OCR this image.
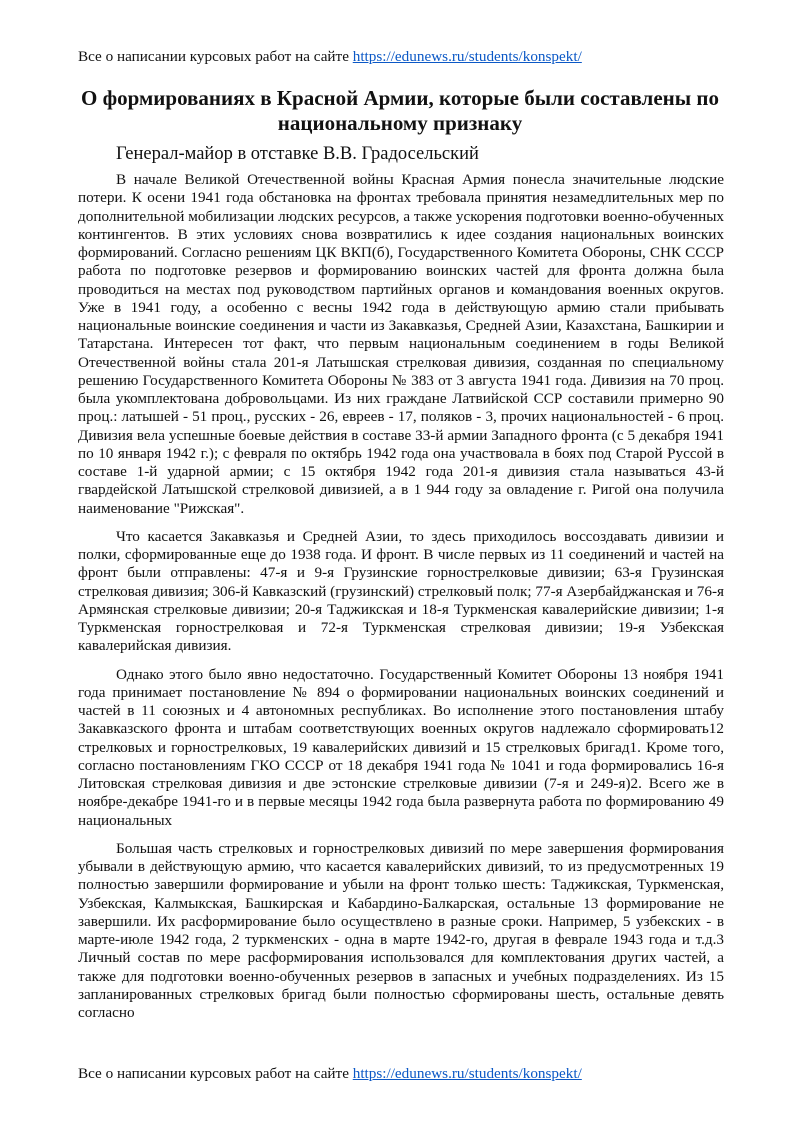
Все о написании курсовых работ на сайте https://edunews.ru/students/konspekt/
О формированиях в Красной Армии, которые были составлены по национальному признаку

Генерал-майор в отставке В.В. Градосельский

В начале Великой Отечественной войны Красная Армия понесла значительные людские потери. К осени 1941 года обстановка на фронтах требовала принятия незамедлительных мер по дополнительной мобилизации людских ресурсов, а также ускорения подготовки военно-обученных контингентов. В этих условиях снова возвратились к идее создания национальных воинских формирований. Согласно решениям ЦК ВКП(б), Государственного Комитета Обороны, СНК СССР работа по подготовке резервов и формированию воинских частей для фронта должна была проводиться на местах под руководством партийных органов и командования военных округов. Уже в 1941 году, а особенно с весны 1942 года в действующую армию стали прибывать национальные воинские соединения и части из Закавказья, Средней Азии, Казахстана, Башкирии и Татарстана. Интересен тот факт, что первым национальным соединением в годы Великой Отечественной войны стала 201-я Латышская стрелковая дивизия, созданная по специальному решению Государственного Комитета Обороны № 383 от 3 августа 1941 года. Дивизия на 70 проц. была укомплектована добровольцами. Из них граждане Латвийской ССР составили примерно 90 проц.: латышей - 51 проц., русских - 26, евреев - 17, поляков - 3, прочих национальностей - 6 проц. Дивизия вела успешные боевые действия в составе 33-й армии Западного фронта (с 5 декабря 1941 по 10 января 1942 г.); с февраля по октябрь 1942 года она участвовала в боях под Старой Руссой в составе 1-й ударной армии; с 15 октября 1942 года 201-я дивизия стала называться 43-й гвардейской Латышской стрелковой дивизией, а в 1 944 году за овладение г. Ригой она получила наименование "Рижская".

Что касается Закавказья и Средней Азии, то здесь приходилось воссоздавать дивизии и полки, сформированные еще до 1938 года. И фронт. В числе первых из 11 соединений и частей на фронт были отправлены: 47-я и 9-я Грузинские горнострелковые дивизии; 63-я Грузинская стрелковая дивизия; 306-й Кавказский (грузинский) стрелковый полк; 77-я Азербайджанская и 76-я Армянская стрелковые дивизии; 20-я Таджикская и 18-я Туркменская кавалерийские дивизии; 1-я Туркменская горнострелковая и 72-я Туркменская стрелковая дивизии; 19-я Узбекская кавалерийская дивизия.

Однако этого было явно недостаточно. Государственный Комитет Обороны 13 ноября 1941 года принимает постановление № 894 о формировании национальных воинских соединений и частей в 11 союзных и 4 автономных республиках. Во исполнение этого постановления штабу Закавказского фронта и штабам соответствующих военных округов надлежало сформировать12 стрелковых и горнострелковых, 19 кавалерийских дивизий и 15 стрелковых бригад1. Кроме того, согласно постановлениям ГКО СССР от 18 декабря 1941 года № 1041 и года формировались 16-я Литовская стрелковая дивизия и две эстонские стрелковые дивизии (7-я и 249-я)2. Всего же в ноябре-декабре 1941-го и в первые месяцы 1942 года была развернута работа по формированию 49 национальных

Большая часть стрелковых и горнострелковых дивизий по мере завершения формирования убывали в действующую армию, что касается кавалерийских дивизий, то из предусмотренных 19 полностью завершили формирование и убыли на фронт только шесть: Таджикская, Туркменская, Узбекская, Калмыкская, Башкирская и Кабардино-Балкарская, остальные 13 формирование не завершили. Их расформирование было осуществлено в разные сроки. Например, 5 узбекских - в марте-июле 1942 года, 2 туркменских - одна в марте 1942-го, другая в феврале 1943 года и т.д.3 Личный состав по мере расформирования использовался для комплектования других частей, а также для подготовки военно-обученных резервов в запасных и учебных подразделениях. Из 15 запланированных стрелковых бригад были полностью сформированы шесть, остальные девять согласно

Все о написании курсовых работ на сайте https://edunews.ru/students/konspekt/
